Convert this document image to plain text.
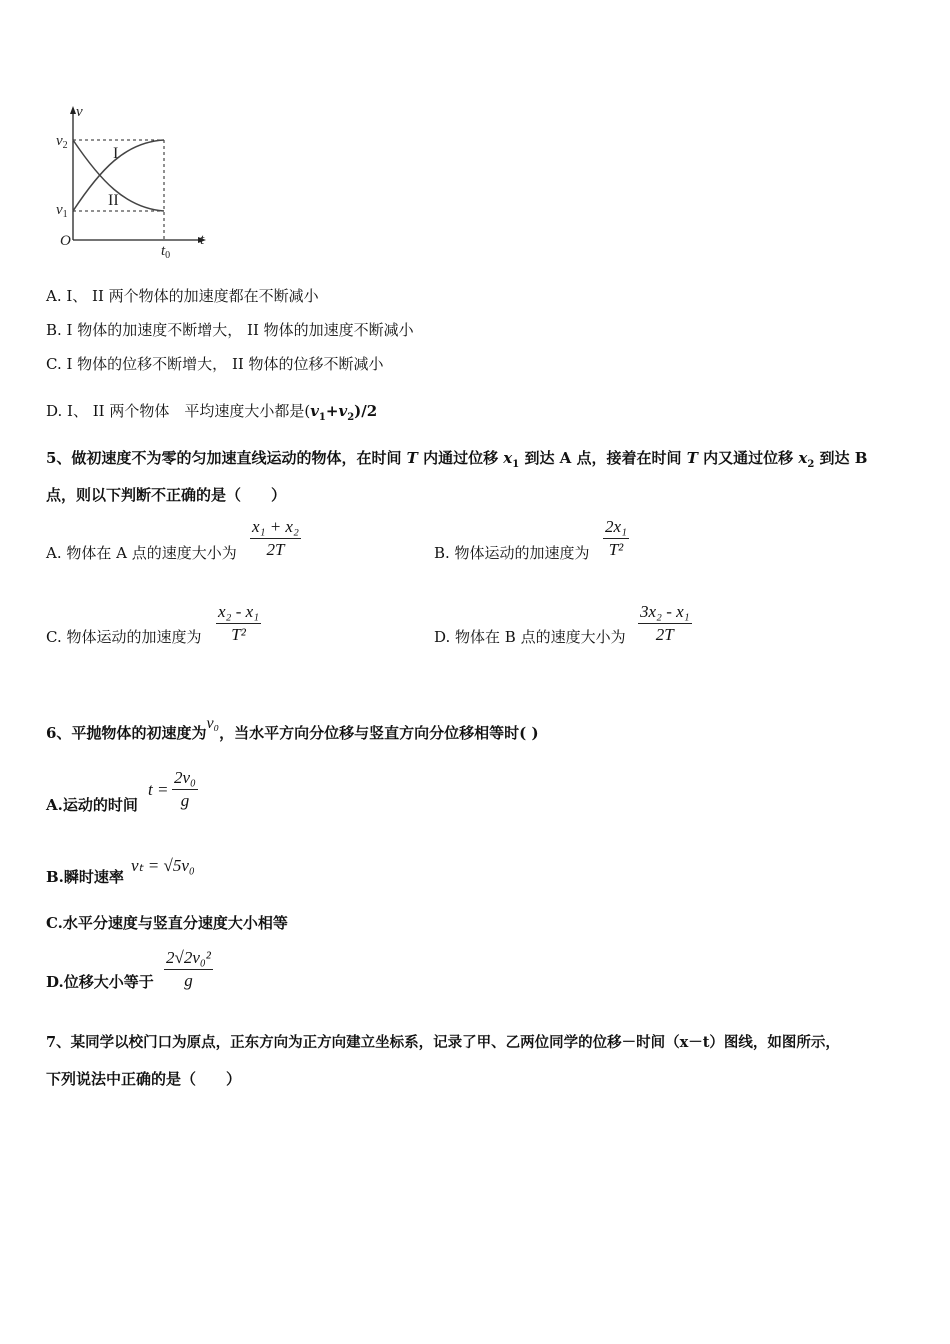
v
t
O
$v_2$
$v_1$
$t_0$
I
II
A. I、 II 两个物体的加速度都在不断减小
B. I 物体的加速度不断增大， II 物体的加速度不断减小
C. I 物体的位移不断增大， II 物体的位移不断减小
D. I、 II 两个物体　平均速度大小都是$(v_1+v_2)/2$
5、做初速度不为零的匀加速直线运动的物体，在时间 T 内通过位移 $x_1$ 到达 A 点，接着在时间 T 内又通过位移 $x_2$ 到达 B
点，则以下判断不正确的是（　　）
A. 物体在 A 点的速度大小为
x₁ + x₂
2T	B. 物体运动的加速度为
2x₁
T²
C. 物体运动的加速度为
x₂ - x₁
T²	D. 物体在 B 点的速度大小为
3x₂ - x₁
2T
6、平抛物体的初速度为v₀，当水平方向分位移与竖直方向分位移相等时( )
A.运动的时间
t =
2v₀
g
B.瞬时速率
vₜ = √5v₀
C.水平分速度与竖直分速度大小相等
D.位移大小等于
2√2v₀²
g
7、某同学以校门口为原点，正东方向为正方向建立坐标系，记录了甲、乙两位同学的位移－时间（x－t）图线，如图所示，
下列说法中正确的是（　　）
